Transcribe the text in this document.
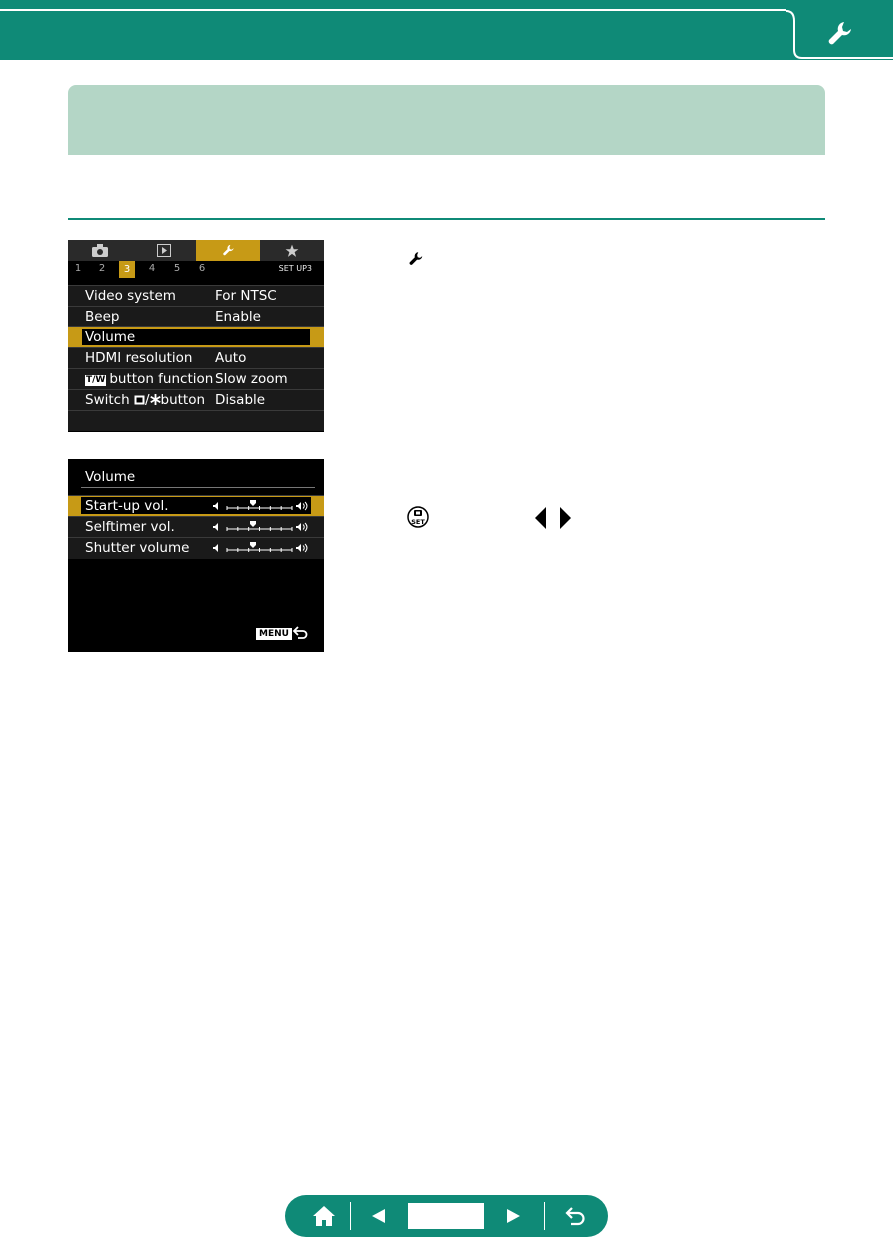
1	2	3	4	5	6	SET UP3
Video system	For NTSC
Beep	Enable
Volume
HDMI resolution Auto
T/W button function Slow zoom
Switch / button Disable
Volume
Start-up vol.
Selftimer vol.
Shutter volume
MENU
SET
